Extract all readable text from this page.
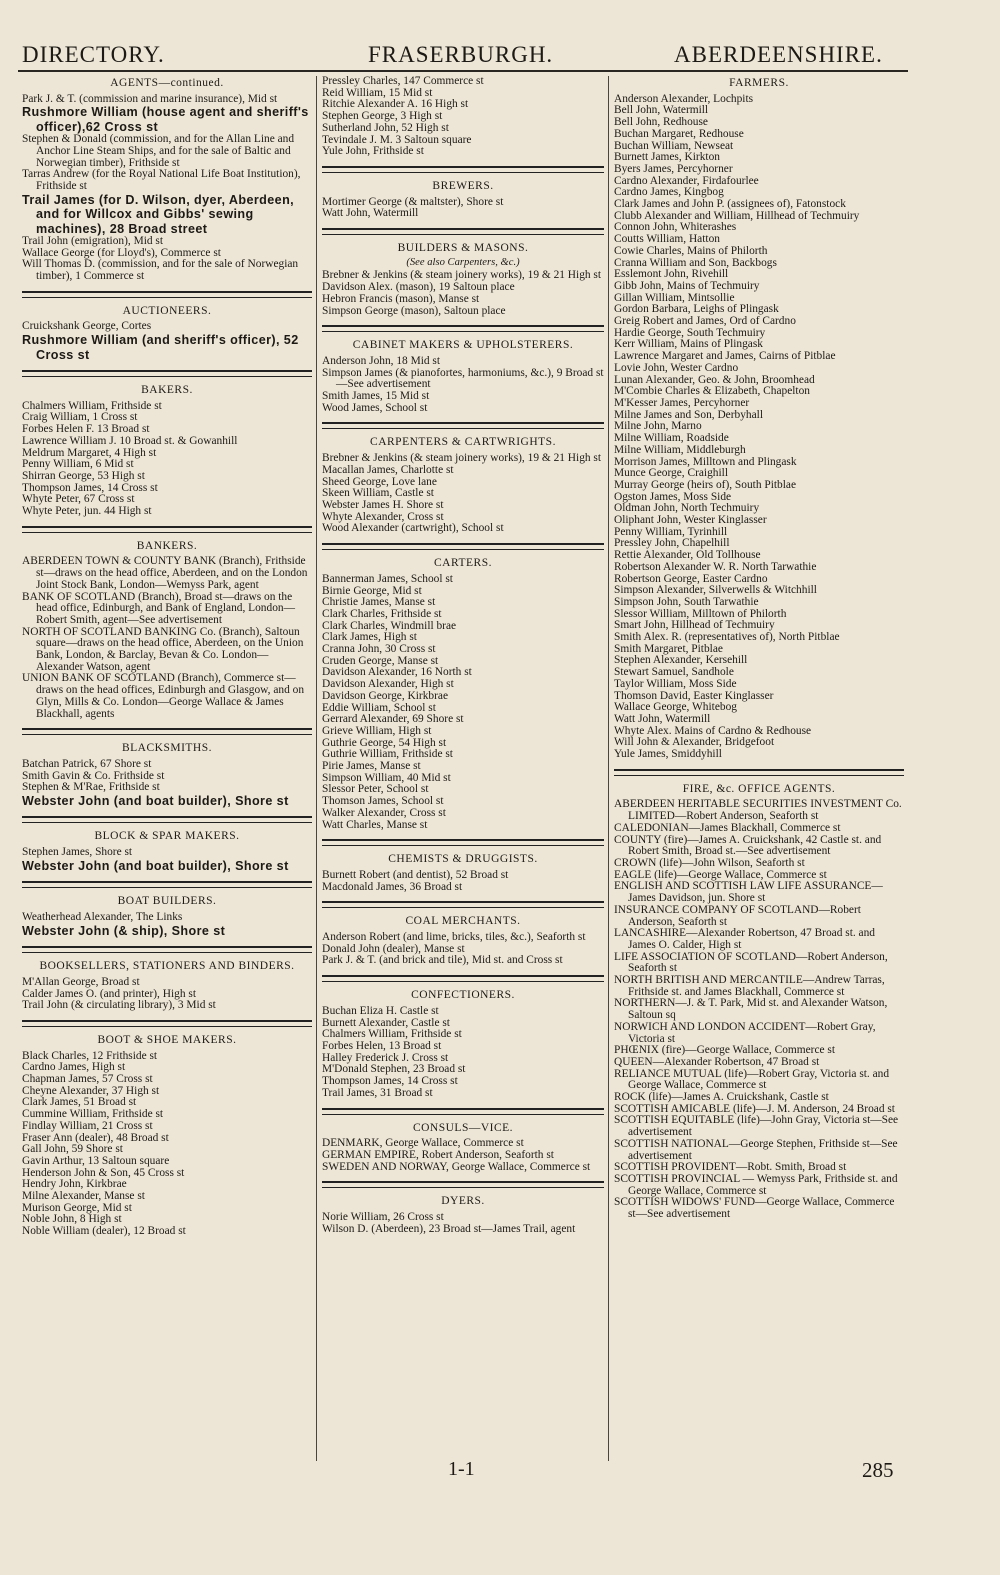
DIRECTORY.	FRASERBURGH.	ABERDEENSHIRE.
AGENTS—continued.
Park J. & T. (commission and marine insurance), Mid st
Rushmore William (house agent and sheriff's officer),62 Cross st
Stephen & Donald (commission, and for the Allan Line and Anchor Line Steam Ships, and for the sale of Baltic and Norwegian timber), Frithside st
Tarras Andrew (for the Royal National Life Boat Institution), Frithside st
Trail James (for D. Wilson, dyer, Aberdeen, and for Willcox and Gibbs' sewing machines), 28 Broad street
Trail John (emigration), Mid st
Wallace George (for Lloyd's), Commerce st
Will Thomas D. (commission, and for the sale of Norwegian timber), 1 Commerce st
AUCTIONEERS.
Cruickshank George, Cortes
Rushmore William (and sheriff's officer), 52 Cross st
BAKERS.
Chalmers William, Frithside st
Craig William, 1 Cross st
Forbes Helen F. 13 Broad st
Lawrence William J. 10 Broad st. & Gowanhill
Meldrum Margaret, 4 High st
Penny William, 6 Mid st
Shirran George, 53 High st
Thompson James, 14 Cross st
Whyte Peter, 67 Cross st
Whyte Peter, jun. 44 High st
BANKERS.
ABERDEEN TOWN & COUNTY BANK (Branch), Frithside st—draws on the head office, Aberdeen, and on the London Joint Stock Bank, London—Wemyss Park, agent
BANK OF SCOTLAND (Branch), Broad st—draws on the head office, Edinburgh, and Bank of England, London—Robert Smith, agent—See advertisement
NORTH OF SCOTLAND BANKING Co. (Branch), Saltoun square—draws on the head office, Aberdeen, on the Union Bank, London, & Barclay, Bevan & Co. London—Alexander Watson, agent
UNION BANK OF SCOTLAND (Branch), Commerce st—draws on the head offices, Edinburgh and Glasgow, and on Glyn, Mills & Co. London—George Wallace & James Blackhall, agents
BLACKSMITHS.
Batchan Patrick, 67 Shore st
Smith Gavin & Co. Frithside st
Stephen & M'Rae, Frithside st
Webster John (and boat builder), Shore st
BLOCK & SPAR MAKERS.
Stephen James, Shore st
Webster John (and boat builder), Shore st
BOAT BUILDERS.
Weatherhead Alexander, The Links
Webster John (& ship), Shore st
BOOKSELLERS, STATIONERS AND BINDERS.
M'Allan George, Broad st
Calder James O. (and printer), High st
Trail John (& circulating library), 3 Mid st
BOOT & SHOE MAKERS.
Black Charles, 12 Frithside st
Cardno James, High st
Chapman James, 57 Cross st
Cheyne Alexander, 37 High st
Clark James, 51 Broad st
Cummine William, Frithside st
Findlay William, 21 Cross st
Fraser Ann (dealer), 48 Broad st
Gall John, 59 Shore st
Gavin Arthur, 13 Saltoun square
Henderson John & Son, 45 Cross st
Hendry John, Kirkbrae
Milne Alexander, Manse st
Murison George, Mid st
Noble John, 8 High st
Noble William (dealer), 12 Broad st
Pressley Charles, 147 Commerce st
Reid William, 15 Mid st
Ritchie Alexander A. 16 High st
Stephen George, 3 High st
Sutherland John, 52 High st
Tevindale J. M. 3 Saltoun square
Yule John, Frithside st
BREWERS.
Mortimer George (& maltster), Shore st
Watt John, Watermill
BUILDERS & MASONS.
(See also Carpenters, &c.)
Brebner & Jenkins (& steam joinery works), 19 & 21 High st
Davidson Alex. (mason), 19 Saltoun place
Hebron Francis (mason), Manse st
Simpson George (mason), Saltoun place
CABINET MAKERS & UPHOLSTERERS.
Anderson John, 18 Mid st
Simpson James (& pianofortes, harmoniums, &c.), 9 Broad st—See advertisement
Smith James, 15 Mid st
Wood James, School st
CARPENTERS & CARTWRIGHTS.
Brebner & Jenkins (& steam joinery works), 19 & 21 High st
Macallan James, Charlotte st
Sheed George, Love lane
Skeen William, Castle st
Webster James H. Shore st
Whyte Alexander, Cross st
Wood Alexander (cartwright), School st
CARTERS.
Bannerman James, School st
Birnie George, Mid st
Christie James, Manse st
Clark Charles, Frithside st
Clark Charles, Windmill brae
Clark James, High st
Cranna John, 30 Cross st
Cruden George, Manse st
Davidson Alexander, 16 North st
Davidson Alexander, High st
Davidson George, Kirkbrae
Eddie William, School st
Gerrard Alexander, 69 Shore st
Grieve William, High st
Guthrie George, 54 High st
Guthrie William, Frithside st
Pirie James, Manse st
Simpson William, 40 Mid st
Slessor Peter, School st
Thomson James, School st
Walker Alexander, Cross st
Watt Charles, Manse st
CHEMISTS & DRUGGISTS.
Burnett Robert (and dentist), 52 Broad st
Macdonald James, 36 Broad st
COAL MERCHANTS.
Anderson Robert (and lime, bricks, tiles, &c.), Seaforth st
Donald John (dealer), Manse st
Park J. & T. (and brick and tile), Mid st. and Cross st
CONFECTIONERS.
Buchan Eliza H. Castle st
Burnett Alexander, Castle st
Chalmers William, Frithside st
Forbes Helen, 13 Broad st
Halley Frederick J. Cross st
M'Donald Stephen, 23 Broad st
Thompson James, 14 Cross st
Trail James, 31 Broad st
CONSULS—VICE.
DENMARK, George Wallace, Commerce st
GERMAN EMPIRE, Robert Anderson, Seaforth st
SWEDEN AND NORWAY, George Wallace, Commerce st
DYERS.
Norie William, 26 Cross st
Wilson D. (Aberdeen), 23 Broad st—James Trail, agent
FARMERS.
Anderson Alexander, Lochpits
Bell John, Watermill
Bell John, Redhouse
Buchan Margaret, Redhouse
Buchan William, Newseat
Burnett James, Kirkton
Byers James, Percyhorner
Cardno Alexander, Firdafourlee
Cardno James, Kingbog
Clark James and John P. (assignees of), Fatonstock
Clubb Alexander and William, Hillhead of Techmuiry
Connon John, Whiterashes
Coutts William, Hatton
Cowie Charles, Mains of Philorth
Cranna William and Son, Backbogs
Esslemont John, Rivehill
Gibb John, Mains of Techmuiry
Gillan William, Mintsollie
Gordon Barbara, Leighs of Plingask
Greig Robert and James, Ord of Cardno
Hardie George, South Techmuiry
Kerr William, Mains of Plingask
Lawrence Margaret and James, Cairns of Pitblae
Lovie John, Wester Cardno
Lunan Alexander, Geo. & John, Broomhead
M'Combie Charles & Elizabeth, Chapelton
M'Kesser James, Percyhorner
Milne James and Son, Derbyhall
Milne John, Marno
Milne William, Roadside
Milne William, Middleburgh
Morrison James, Milltown and Plingask
Munce George, Craighill
Murray George (heirs of), South Pitblae
Ogston James, Moss Side
Oldman John, North Techmuiry
Oliphant John, Wester Kinglasser
Penny William, Tyrinhill
Pressley John, Chapelhill
Rettie Alexander, Old Tollhouse
Robertson Alexander W. R. North Tarwathie
Robertson George, Easter Cardno
Simpson Alexander, Silverwells & Witchhill
Simpson John, South Tarwathie
Slessor William, Milltown of Philorth
Smart John, Hillhead of Techmuiry
Smith Alex. R. (representatives of), North Pitblae
Smith Margaret, Pitblae
Stephen Alexander, Kersehill
Stewart Samuel, Sandhole
Taylor William, Moss Side
Thomson David, Easter Kinglasser
Wallace George, Whitebog
Watt John, Watermill
Whyte Alex. Mains of Cardno & Redhouse
Will John & Alexander, Bridgefoot
Yule James, Smiddyhill
FIRE, &c. OFFICE AGENTS.
ABERDEEN HERITABLE SECURITIES INVESTMENT Co. LIMITED—Robert Anderson, Seaforth st
CALEDONIAN—James Blackhall, Commerce st
COUNTY (fire)—James A. Cruickshank, 42 Castle st. and Robert Smith, Broad st.—See advertisement
CROWN (life)—John Wilson, Seaforth st
EAGLE (life)—George Wallace, Commerce st
ENGLISH AND SCOTTISH LAW LIFE ASSURANCE—James Davidson, jun. Shore st
INSURANCE COMPANY OF SCOTLAND—Robert Anderson, Seaforth st
LANCASHIRE—Alexander Robertson, 47 Broad st. and James O. Calder, High st
LIFE ASSOCIATION OF SCOTLAND—Robert Anderson, Seaforth st
NORTH BRITISH AND MERCANTILE—Andrew Tarras, Frithside st. and James Blackhall, Commerce st
NORTHERN—J. & T. Park, Mid st. and Alexander Watson, Saltoun sq
NORWICH AND LONDON ACCIDENT—Robert Gray, Victoria st
PHŒNIX (fire)—George Wallace, Commerce st
QUEEN—Alexander Robertson, 47 Broad st
RELIANCE MUTUAL (life)—Robert Gray, Victoria st. and George Wallace, Commerce st
ROCK (life)—James A. Cruickshank, Castle st
SCOTTISH AMICABLE (life)—J. M. Anderson, 24 Broad st
SCOTTISH EQUITABLE (life)—John Gray, Victoria st—See advertisement
SCOTTISH NATIONAL—George Stephen, Frithside st—See advertisement
SCOTTISH PROVIDENT—Robt. Smith, Broad st
SCOTTISH PROVINCIAL — Wemyss Park, Frithside st. and George Wallace, Commerce st
SCOTTISH WIDOWS' FUND—George Wallace, Commerce st—See advertisement
1-1	285
